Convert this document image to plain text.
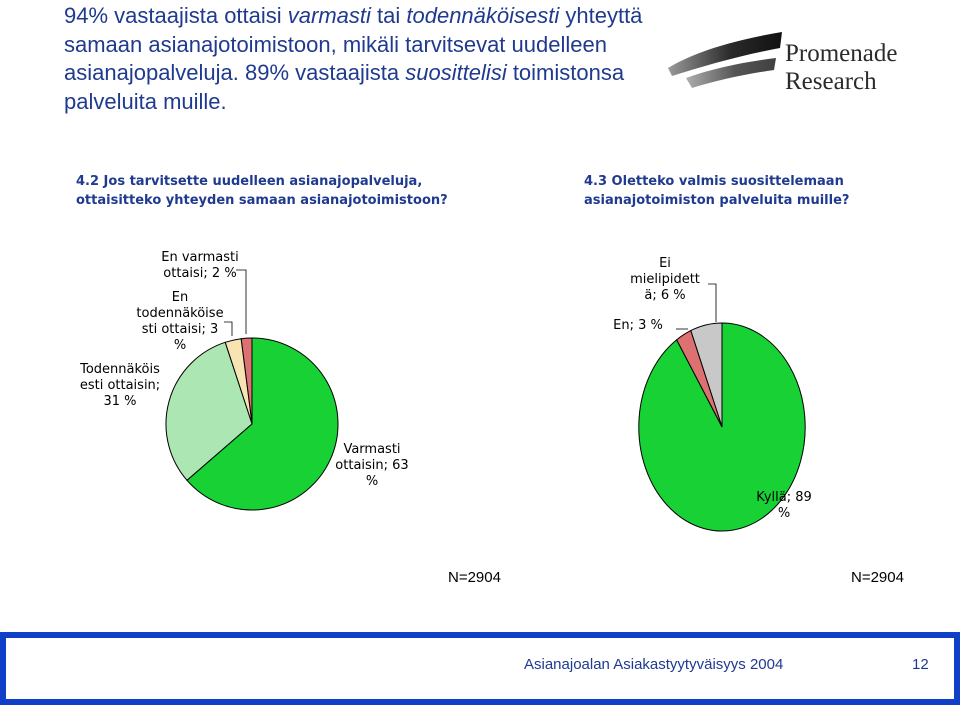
94% vastaajista ottaisi varmasti tai todennäköisesti yhteyttä samaan asianajotoimistoon, mikäli tarvitsevat uudelleen asianajopalveluja. 89% vastaajista suosittelisi toimistonsa palveluita muille.
Promenade
Research
4.2 Jos tarvitsette uudelleen asianajopalveluja,
ottaisitteko yhteyden samaan asianajotoimistoon?
4.3 Oletteko valmis suosittelemaan
asianajotoimiston palveluita muille?
En varmasti
ottaisi; 2 %
En
todennäköise
sti ottaisi; 3
%
Todennäköis
esti ottaisin;
31 %
Varmasti
ottaisin; 63
%
Ei
mielipidett
ä; 6 %
En; 3 %
Kyllä; 89
%
N=2904	N=2904
Asianajoalan Asiakastyytyväisyys 2004	12
